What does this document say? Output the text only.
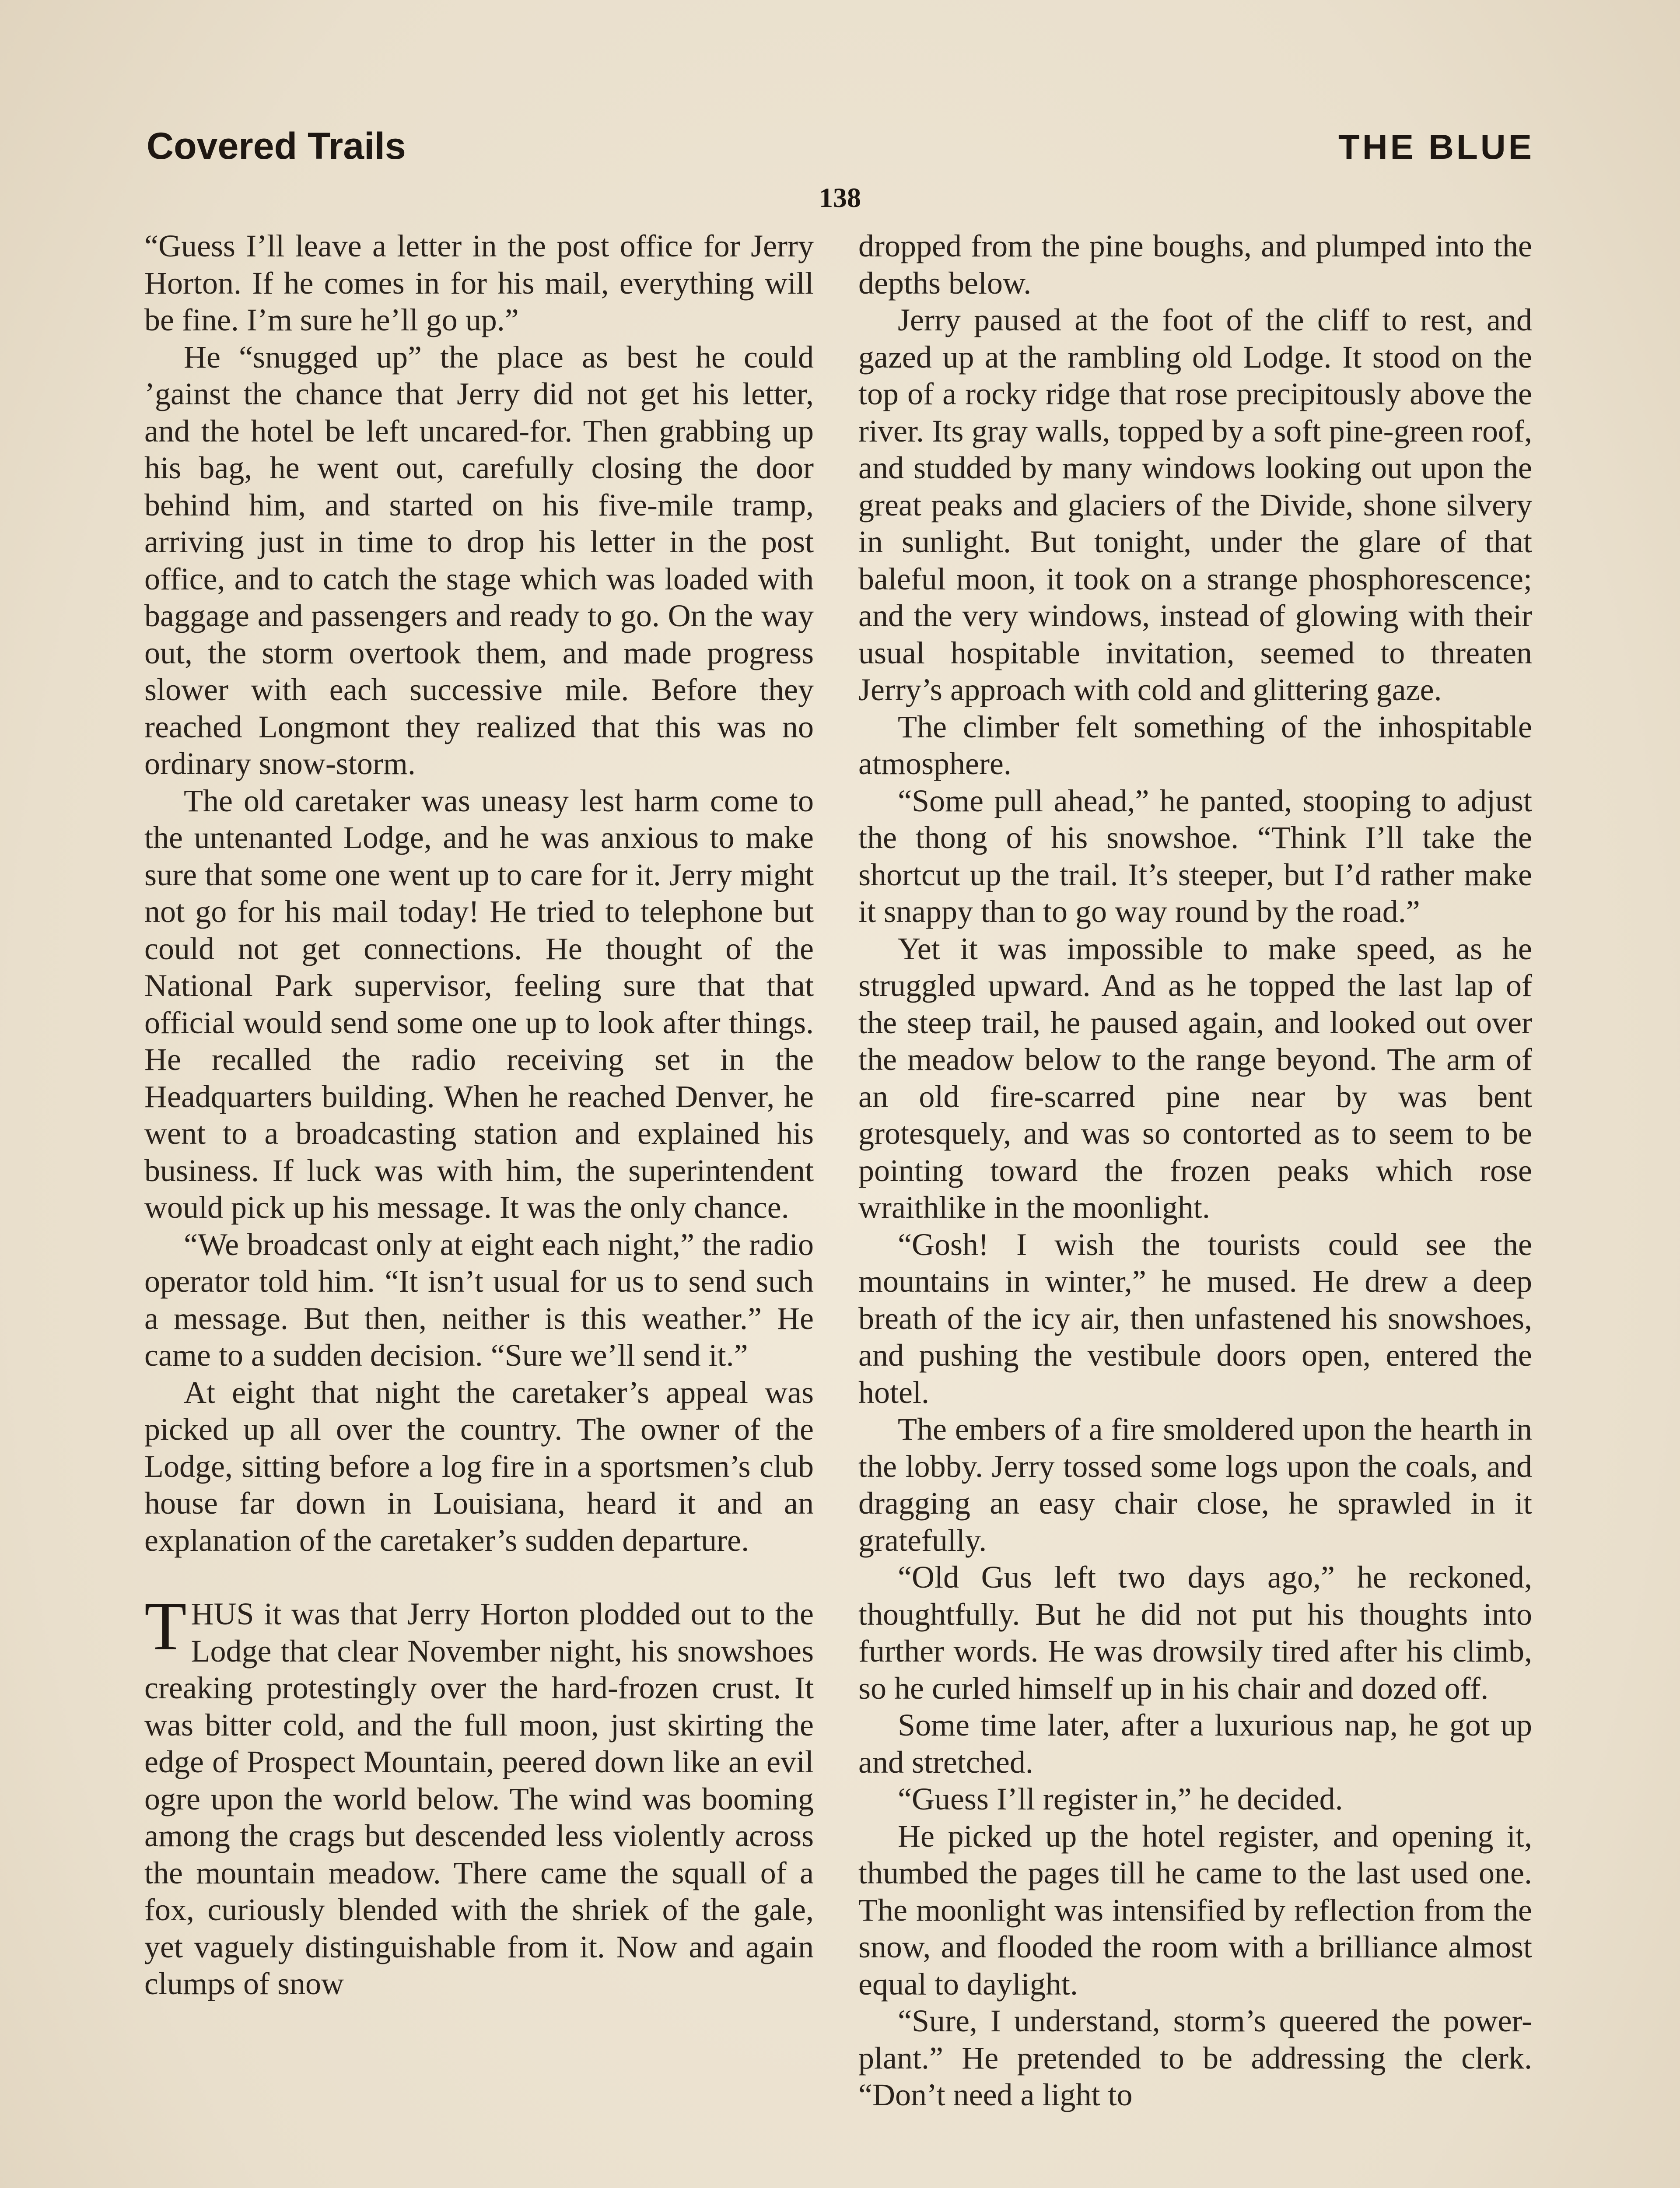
Covered Trails	THE BLUE
138

“Guess I’ll leave a letter in the post office for Jerry Horton. If he comes in for his mail, everything will be fine. I’m sure he’ll go up.”

He “snugged up” the place as best he could ’gainst the chance that Jerry did not get his letter, and the hotel be left uncared-for. Then grabbing up his bag, he went out, carefully closing the door behind him, and started on his five-mile tramp, arriving just in time to drop his letter in the post office, and to catch the stage which was loaded with baggage and passengers and ready to go. On the way out, the storm overtook them, and made progress slower with each successive mile. Before they reached Longmont they realized that this was no ordinary snow-storm.

The old caretaker was uneasy lest harm come to the untenanted Lodge, and he was anxious to make sure that some one went up to care for it. Jerry might not go for his mail today! He tried to telephone but could not get connections. He thought of the National Park supervisor, feeling sure that that official would send some one up to look after things. He recalled the radio receiving set in the Headquarters building. When he reached Denver, he went to a broadcasting station and explained his business. If luck was with him, the superintendent would pick up his message. It was the only chance.

“We broadcast only at eight each night,” the radio operator told him. “It isn’t usual for us to send such a message. But then, neither is this weather.” He came to a sudden decision. “Sure we’ll send it.”

At eight that night the caretaker’s appeal was picked up all over the country. The owner of the Lodge, sitting before a log fire in a sportsmen’s club house far down in Louisiana, heard it and an explanation of the caretaker’s sudden departure.

THUS it was that Jerry Horton plodded out to the Lodge that clear November night, his snowshoes creaking protestingly over the hard-frozen crust. It was bitter cold, and the full moon, just skirting the edge of Prospect Mountain, peered down like an evil ogre upon the world below. The wind was booming among the crags but descended less violently across the mountain meadow. There came the squall of a fox, curiously blended with the shriek of the gale, yet vaguely distinguishable from it. Now and again clumps of snow

dropped from the pine boughs, and plumped into the depths below.

Jerry paused at the foot of the cliff to rest, and gazed up at the rambling old Lodge. It stood on the top of a rocky ridge that rose precipitously above the river. Its gray walls, topped by a soft pine-green roof, and studded by many windows looking out upon the great peaks and glaciers of the Divide, shone silvery in sunlight. But tonight, under the glare of that baleful moon, it took on a strange phosphorescence; and the very windows, instead of glowing with their usual hospitable invitation, seemed to threaten Jerry’s approach with cold and glittering gaze.

The climber felt something of the inhospitable atmosphere.

“Some pull ahead,” he panted, stooping to adjust the thong of his snowshoe. “Think I’ll take the shortcut up the trail. It’s steeper, but I’d rather make it snappy than to go way round by the road.”

Yet it was impossible to make speed, as he struggled upward. And as he topped the last lap of the steep trail, he paused again, and looked out over the meadow below to the range beyond. The arm of an old fire-scarred pine near by was bent grotesquely, and was so contorted as to seem to be pointing toward the frozen peaks which rose wraithlike in the moonlight.

“Gosh! I wish the tourists could see the mountains in winter,” he mused. He drew a deep breath of the icy air, then unfastened his snowshoes, and pushing the vestibule doors open, entered the hotel.

The embers of a fire smoldered upon the hearth in the lobby. Jerry tossed some logs upon the coals, and dragging an easy chair close, he sprawled in it gratefully.

“Old Gus left two days ago,” he reckoned, thoughtfully. But he did not put his thoughts into further words. He was drowsily tired after his climb, so he curled himself up in his chair and dozed off.

Some time later, after a luxurious nap, he got up and stretched.

“Guess I’ll register in,” he decided.

He picked up the hotel register, and opening it, thumbed the pages till he came to the last used one. The moonlight was intensified by reflection from the snow, and flooded the room with a brilliance almost equal to daylight.

“Sure, I understand, storm’s queered the power-plant.” He pretended to be addressing the clerk. “Don’t need a light to
